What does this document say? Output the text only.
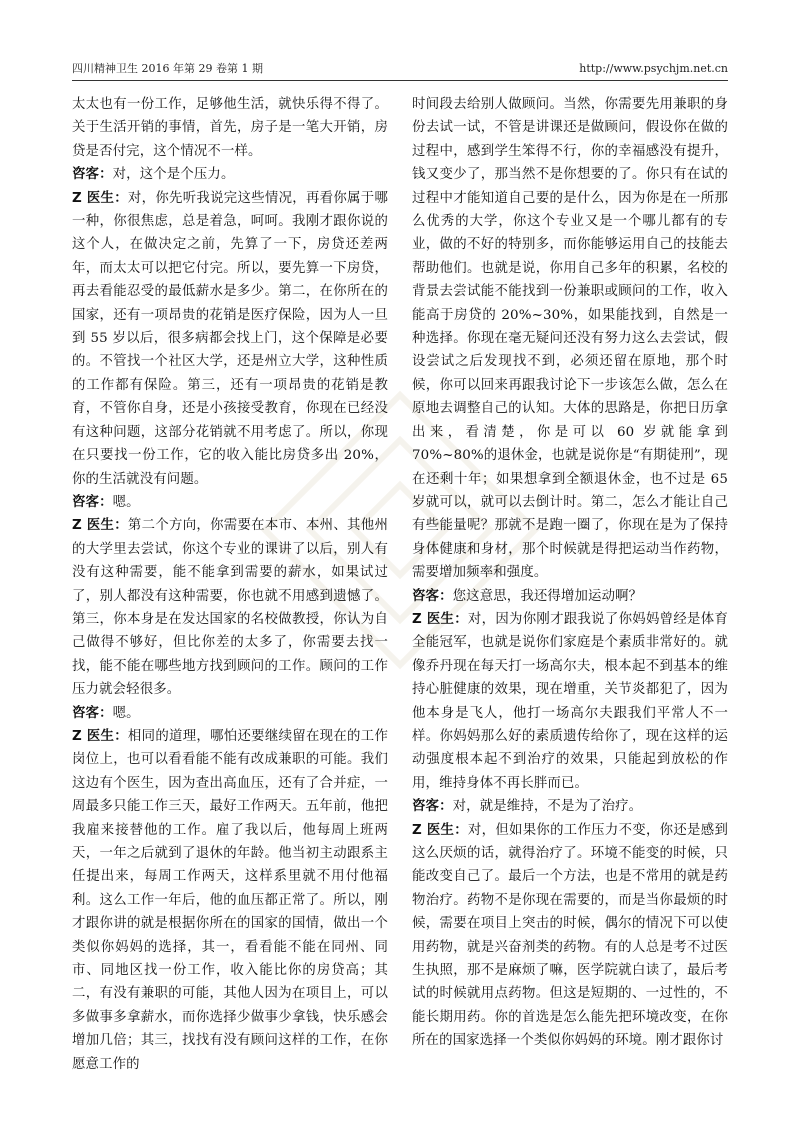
四川精神卫生 2016 年第 29 卷第 1 期	http://www.psychjm.net.cn

太太也有一份工作，足够他生活，就快乐得不得了。关于生活开销的事情，首先，房子是一笔大开销，房贷是否付完，这个情况不一样。

咨客：对，这个是个压力。

Z 医生：对，你先听我说完这些情况，再看你属于哪一种，你很焦虑，总是着急，呵呵。我刚才跟你说的这个人，在做决定之前，先算了一下，房贷还差两年，而太太可以把它付完。所以，要先算一下房贷，再去看能忍受的最低薪水是多少。第二，在你所在的国家，还有一项昂贵的花销是医疗保险，因为人一旦到 55 岁以后，很多病都会找上门，这个保障是必要的。不管找一个社区大学，还是州立大学，这种性质的工作都有保险。第三，还有一项昂贵的花销是教育，不管你自身，还是小孩接受教育，你现在已经没有这种问题，这部分花销就不用考虑了。所以，你现在只要找一份工作，它的收入能比房贷多出 20%，你的生活就没有问题。

咨客：嗯。

Z 医生：第二个方向，你需要在本市、本州、其他州的大学里去尝试，你这个专业的课讲了以后，别人有没有这种需要，能不能拿到需要的薪水，如果试过了，别人都没有这种需要，你也就不用感到遗憾了。第三，你本身是在发达国家的名校做教授，你认为自己做得不够好，但比你差的太多了，你需要去找一找，能不能在哪些地方找到顾问的工作。顾问的工作压力就会轻很多。

咨客：嗯。

Z 医生：相同的道理，哪怕还要继续留在现在的工作岗位上，也可以看看能不能有改成兼职的可能。我们这边有个医生，因为查出高血压，还有了合并症，一周最多只能工作三天，最好工作两天。五年前，他把我雇来接替他的工作。雇了我以后，他每周上班两天，一年之后就到了退休的年龄。他当初主动跟系主任提出来，每周工作两天，这样系里就不用付他福利。这么工作一年后，他的血压都正常了。所以，刚才跟你讲的就是根据你所在的国家的国情，做出一个类似你妈妈的选择，其一，看看能不能在同州、同市、同地区找一份工作，收入能比你的房贷高；其二，有没有兼职的可能，其他人因为在项目上，可以多做事多拿薪水，而你选择少做事少拿钱，快乐感会增加几倍；其三，找找有没有顾问这样的工作，在你愿意工作的

时间段去给别人做顾问。当然，你需要先用兼职的身份去试一试，不管是讲课还是做顾问，假设你在做的过程中，感到学生笨得不行，你的幸福感没有提升，钱又变少了，那当然不是你想要的了。你只有在试的过程中才能知道自己要的是什么，因为你是在一所那么优秀的大学，你这个专业又是一个哪儿都有的专业，做的不好的特别多，而你能够运用自己的技能去帮助他们。也就是说，你用自己多年的积累，名校的背景去尝试能不能找到一份兼职或顾问的工作，收入能高于房贷的 20%~30%，如果能找到，自然是一种选择。你现在毫无疑问还没有努力这么去尝试，假设尝试之后发现找不到，必须还留在原地，那个时候，你可以回来再跟我讨论下一步该怎么做，怎么在原地去调整自己的认知。大体的思路是，你把日历拿出来，看清楚，你是可以 60 岁就能拿到 70%~80%的退休金，也就是说你是“有期徒刑”，现在还剩十年；如果想拿到全额退休金，也不过是 65 岁就可以，就可以去倒计时。第二，怎么才能让自己有些能量呢？那就不是跑一圈了，你现在是为了保持身体健康和身材，那个时候就是得把运动当作药物，需要增加频率和强度。

咨客：您这意思，我还得增加运动啊？

Z 医生：对，因为你刚才跟我说了你妈妈曾经是体育全能冠军，也就是说你们家庭是个素质非常好的。就像乔丹现在每天打一场高尔夫，根本起不到基本的维持心脏健康的效果，现在增重，关节炎都犯了，因为他本身是飞人，他打一场高尔夫跟我们平常人不一样。你妈妈那么好的素质遗传给你了，现在这样的运动强度根本起不到治疗的效果，只能起到放松的作用，维持身体不再长胖而已。

咨客：对，就是维持，不是为了治疗。

Z 医生：对，但如果你的工作压力不变，你还是感到这么厌烦的话，就得治疗了。环境不能变的时候，只能改变自己了。最后一个方法，也是不常用的就是药物治疗。药物不是你现在需要的，而是当你最烦的时候，需要在项目上突击的时候，偶尔的情况下可以使用药物，就是兴奋剂类的药物。有的人总是考不过医生执照，那不是麻烦了嘛，医学院就白读了，最后考试的时候就用点药物。但这是短期的、一过性的，不能长期用药。你的首选是怎么能先把环境改变，在你所在的国家选择一个类似你妈妈的环境。刚才跟你讨
